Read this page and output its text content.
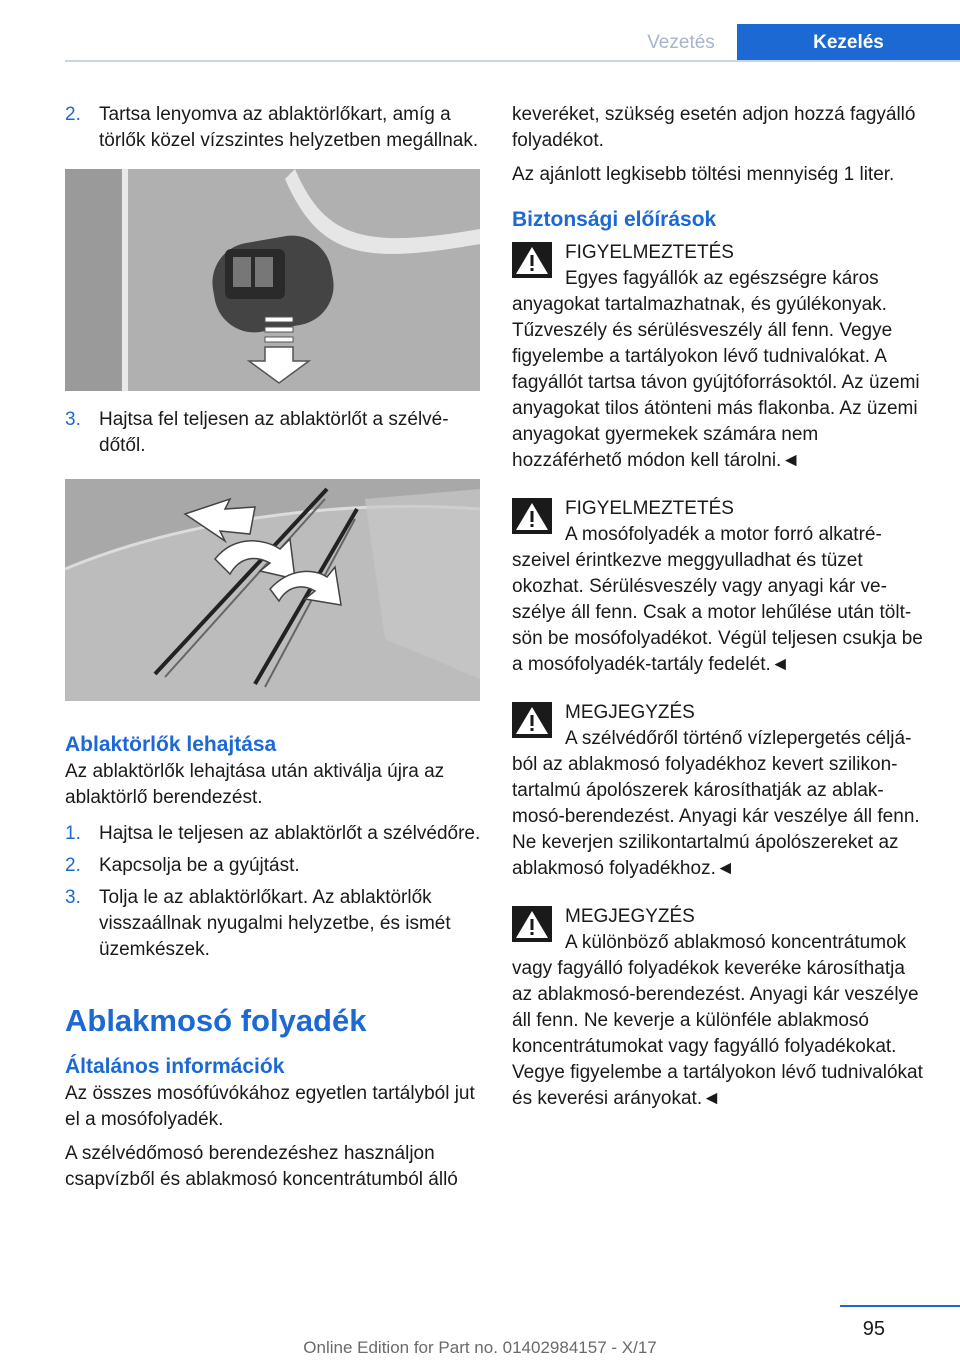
Vezetés	Kezelés
2. Tartsa lenyomva az ablaktörlőkart, amíg a törlők közel vízszintes helyzetben megállnak.
3. Hajtsa fel teljesen az ablaktörlőt a szélvédőtől.
Ablaktörlők lehajtása

Az ablaktörlők lehajtása után aktiválja újra az ablaktörlő berendezést.

1. Hajtsa le teljesen az ablaktörlőt a szélvédőre.
2. Kapcsolja be a gyújtást.
3. Tolja le az ablaktörlőkart. Az ablaktörlők visszaállnak nyugalmi helyzetbe, és ismét üzemkészek.
Ablakmosó folyadék
Általános információk

Az összes mosófúvókához egyetlen tartályból jut el a mosófolyadék.

A szélvédőmosó berendezéshez használjon csapvízből és ablakmosó koncentrátumból álló

keveréket, szükség esetén adjon hozzá fagyálló folyadékot.

Az ajánlott legkisebb töltési mennyiség 1 liter.

Biztonsági előírások
FIGYELMEZTETÉS
Egyes fagyállók az egészségre káros anyagokat tartalmazhatnak, és gyúlékonyak. Tűzveszély és sérülésveszély áll fenn. Vegye figyelembe a tartályokon lévő tudnivalókat. A fagyállót tartsa távon gyújtóforrásoktól. Az üzemi anyagokat tilos átönteni más flakonba. Az üzemi anyagokat gyermekek számára nem hozzáférhető módon kell tárolni.◄
FIGYELMEZTETÉS
A mosófolyadék a motor forró alkatrészeivel érintkezve meggyulladhat és tüzet okozhat. Sérülésveszély vagy anyagi kár veszélye áll fenn. Csak a motor lehűlése után töltsön be mosófolyadékot. Végül teljesen csukja be a mosófolyadék-tartály fedelét.◄
MEGJEGYZÉS
A szélvédőről történő vízlepergetés céljából az ablakmosó folyadékhoz kevert szilikontartalmú ápolószerek károsíthatják az ablakmosó-berendezést. Anyagi kár veszélye áll fenn. Ne keverjen szilikontartalmú ápolószereket az ablakmosó folyadékhoz.◄
MEGJEGYZÉS
A különböző ablakmosó koncentrátumok vagy fagyálló folyadékok keveréke károsíthatja az ablakmosó-berendezést. Anyagi kár veszélye áll fenn. Ne keverje a különféle ablakmosó koncentrátumokat vagy fagyálló folyadékokat. Vegye figyelembe a tartályokon lévő tudnivalókat és keverési arányokat.◄
95
Online Edition for Part no. 01402984157 - X/17
